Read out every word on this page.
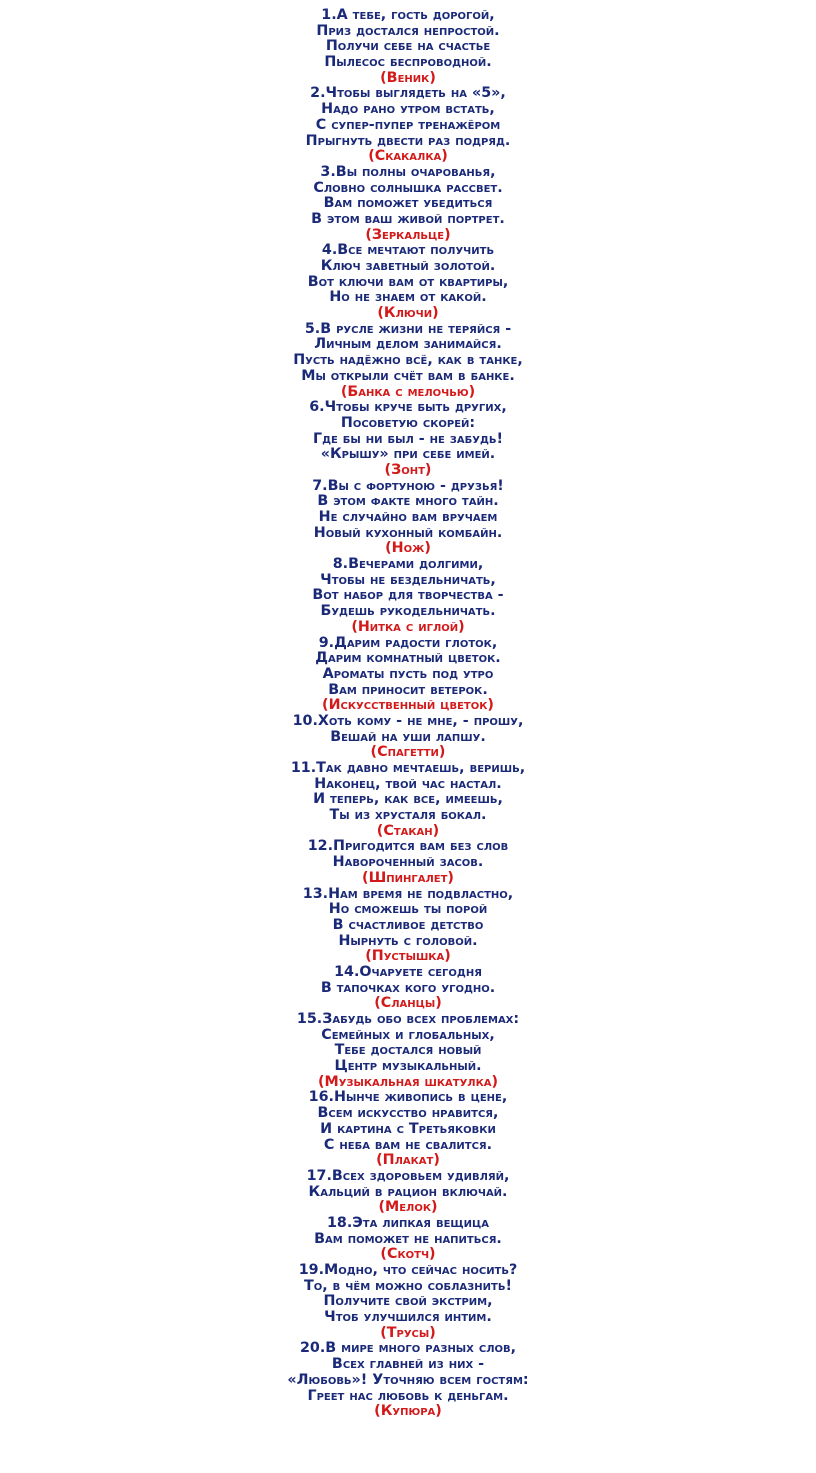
1.А тебе, гость дорогой,
Приз достался непростой.
Получи себе на счастье
Пылесос беспроводной.
(Веник)
2.Чтобы выглядеть на «5»,
Надо рано утром встать,
С супер-пупер тренажёром
Прыгнуть двести раз подряд.
(Скакалка)
3.Вы полны очарованья,
Словно солнышка рассвет.
Вам поможет убедиться
В этом ваш живой портрет.
(Зеркальце)
4.Все мечтают получить
Ключ заветный золотой.
Вот ключи вам от квартиры,
Но не знаем от какой.
(Ключи)
5.В русле жизни не теряйся -
Личным делом занимайся.
Пусть надёжно всё, как в танке,
Мы открыли счёт вам в банке.
(Банка с мелочью)
6.Чтобы круче быть других,
Посоветую скорей:
Где бы ни был - не забудь!
«Крышу» при себе имей.
(Зонт)
7.Вы с фортуною - друзья!
В этом факте много тайн.
Не случайно вам вручаем
Новый кухонный комбайн.
(Нож)
8.Вечерами долгими,
Чтобы не бездельничать,
Вот набор для творчества -
Будешь рукодельничать.
(Нитка с иглой)
9.Дарим радости глоток,
Дарим комнатный цветок.
Ароматы пусть под утро
Вам приносит ветерок.
(Искусственный цветок)
10.Хоть кому - не мне, - прошу,
Вешай на уши лапшу.
(Спагетти)
11.Так давно мечтаешь, веришь,
Наконец, твой час настал.
И теперь, как все, имеешь,
Ты из хрусталя бокал.
(Стакан)
12.Пригодится вам без слов
Навороченный засов.
(Шпингалет)
13.Нам время не подвластно,
Но сможешь ты порой
В счастливое детство
Нырнуть с головой.
(Пустышка)
14.Очаруете сегодня
В тапочках кого угодно.
(Сланцы)
15.Забудь обо всех проблемах:
Семейных и глобальных,
Тебе достался новый
Центр музыкальный.
(Музыкальная шкатулка)
16.Нынче живопись в цене,
Всем искусство нравится,
И картина с Третьяковки
С неба вам не свалится.
(Плакат)
17.Всех здоровьем удивляй,
Кальций в рацион включай.
(Мелок)
18.Эта липкая вещица
Вам поможет не напиться.
(Скотч)
19.Модно, что сейчас носить?
То, в чём можно соблазнить!
Получите свой экстрим,
Чтоб улучшился интим.
(Трусы)
20.В мире много разных слов,
Всех главней из них -
«Любовь»! Уточняю всем гостям:
Греет нас любовь к деньгам.
(Купюра)
